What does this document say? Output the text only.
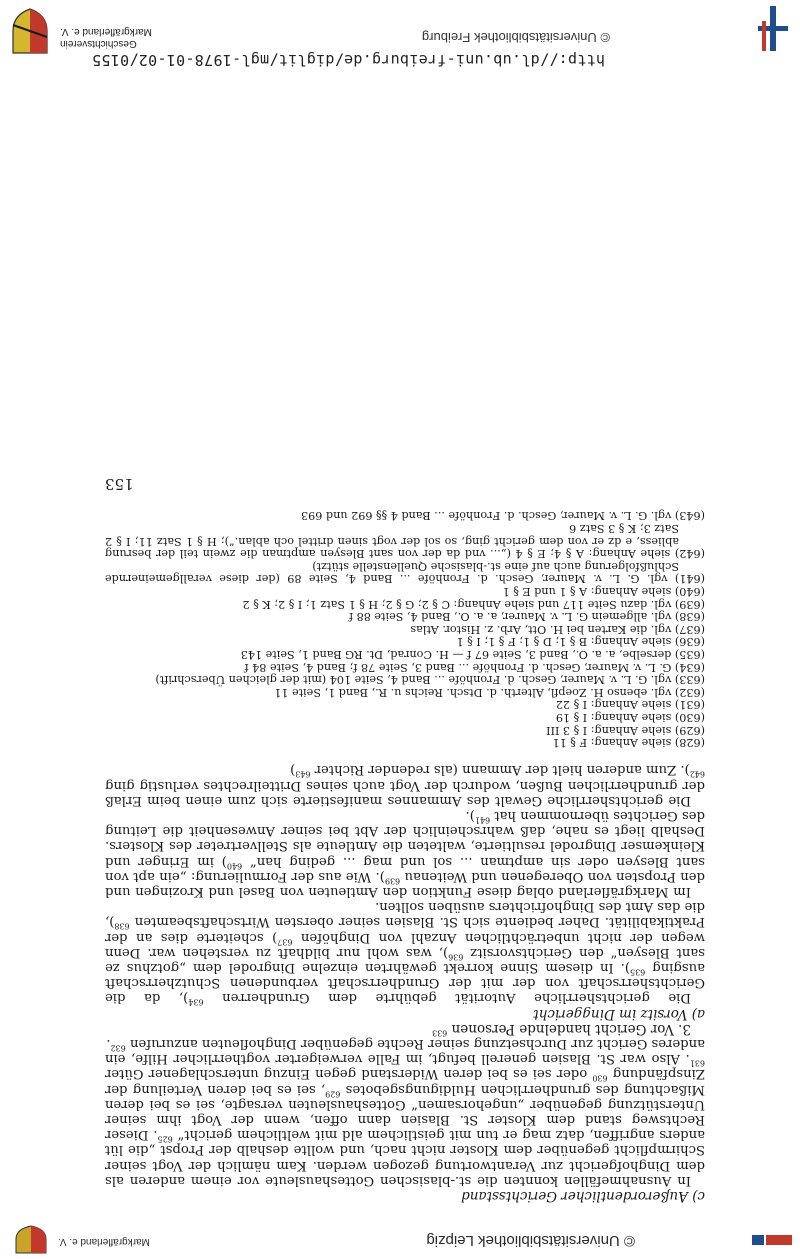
© Universitätsbibliothek Leipzig
Markgräflerland e. V.

c) Außerordentlicher Gerichtsstand

In Ausnahmefällen konnten die st.-blasischen Gotteshausleute vor einem anderen als dem Dinghofgericht zur Verantwortung gezogen werden. Kam nämlich der Vogt seiner Schirmpflicht gegenüber dem Kloster nicht nach, und wollte deshalb der Propst „die lüt anders angriffen, datz mag er tun mit geistlichem ald mit weltlichem gericht“ $^{625}$. Dieser Rechtsweg stand dem Kloster St. Blasien dann offen, wenn der Vogt ihm seiner Unterstützung gegenüber „ungehorsamen“ Gotteshausleuten versagte, sei es bei deren Mißachtung des grundherrlichen Huldigungsgebotes $^{629}$, sei es bei deren Verteilung der Zinspfändung $^{630}$ oder sei es bei deren Widerstand gegen Einzug unterschlagener Güter $^{631}$. Also war St. Blasien generell befugt, im Falle verweigerter vogtherrlicher Hilfe, ein anderes Gericht zur Durchsetzung seiner Rechte gegenüber Dinghofleuten anzurufen $^{632}$.

3. Vor Gericht handelnde Personen $^{633}$

a) Vorsitz im Dinggericht

Die gerichtsherrliche Autorität gebührte dem Grundherren $^{634}$), da die Gerichtsherrschaft von der mit der Grundherrschaft verbundenen Schutzherrschaft ausging $^{635}$). In diesem Sinne korrekt gewährten einzelne Dingrodel dem „gotzhus ze sant Blesyen“ den Gerichtsvorsitz $^{636}$), was wohl nur bildhaft zu verstehen war. Denn wegen der nicht unbeträchtlichen Anzahl von Dinghöfen $^{637}$) scheiterte dies an der Praktikabilität. Daher bediente sich St. Blasien seiner obersten Wirtschaftsbeamten $^{638}$), die das Amt des Dinghofrichters ausüben sollten.

Im Markgräflerland oblag diese Funktion den Amtleuten von Basel und Krozingen und den Propsten von Oberegenen und Weitenau $^{639}$). Wie aus der Formulierung: „ein apt von sant Blesyen oder sin amptman ... sol und mag ... geding han“ $^{640}$) im Eringer und Kleinkemser Dingrodel resultierte, walteten die Amtleute als Stellvertreter des Klosters. Deshalb liegt es nahe, daß wahrscheinlich der Abt bei seiner Anwesenheit die Leitung des Gerichtes übernommen hat $^{641}$).

Die gerichtsherrliche Gewalt des Ammannes manifestierte sich zum einen beim Erlaß der grundherrlichen Bußen, wodurch der Vogt auch seines Dritteilrechtes verlustig ging $^{642}$). Zum anderen hielt der Ammann (als redender Richter $^{643}$)

(628) siehe Anhang: F § 11
(629) siehe Anhang: I § 3 III
(630) siehe Anhang: I § 19
(631) siehe Anhang: I § 22
(632) vgl. ebenso H. Zoepfl, Alterth. d. Dtsch. Reichs u. R., Band 1, Seite 11
(633) vgl. G. L. v. Maurer, Gesch. d. Fronhöfe ... Band 4, Seite 104 (mit der gleichen Überschrift)
(634) G. L. v. Maurer, Gesch. d. Fronhöfe ... Band 3, Seite 78 f; Band 4, Seite 84 f
(635) derselbe, a. a. O., Band 3, Seite 67 f — H. Conrad, Dt. RG Band 1, Seite 143
(636) siehe Anhang: B § 1; D § 1; F § 1; I § 1
(637) vgl. die Karten bei H. Ott, Arb. z. Histor. Atlas
(638) vgl. allgemein G. L. v. Maurer, a. a. O., Band 4, Seite 88 f
(639) vgl. dazu Seite 117 und siehe Anhang: C § 2; G § 2; H § 1 Satz 1; I § 2; K § 2
(640) siehe Anhang: A § 1 und E § 1
(641) vgl. G. L. v. Maurer, Gesch. d. Fronhöfe ... Band 4, Seite 89 (der diese verallgemeinernde Schlußfolgerung auch auf eine st.-blasische Quellenstelle stützt)
(642) siehe Anhang: A § 4; E § 4 („... vnd da der von sant Blesyen amptman die zwein teil der besrung abliess, e dz er von dem gericht ging, so sol der vogt sinen drittel och ablan.“); H § 1 Satz 11; I § 2 Satz 3; K § 3 Satz 6
(643) vgl. G. L. v. Maurer, Gesch. d. Fronhöfe ... Band 4 §§ 692 und 693
153
http://dl.ub.uni-freiburg.de/diglit/mgl-1978-01-02/0155
© Universitätsbibliothek Freiburg
Geschichtsverein
Markgräflerland e. V.
